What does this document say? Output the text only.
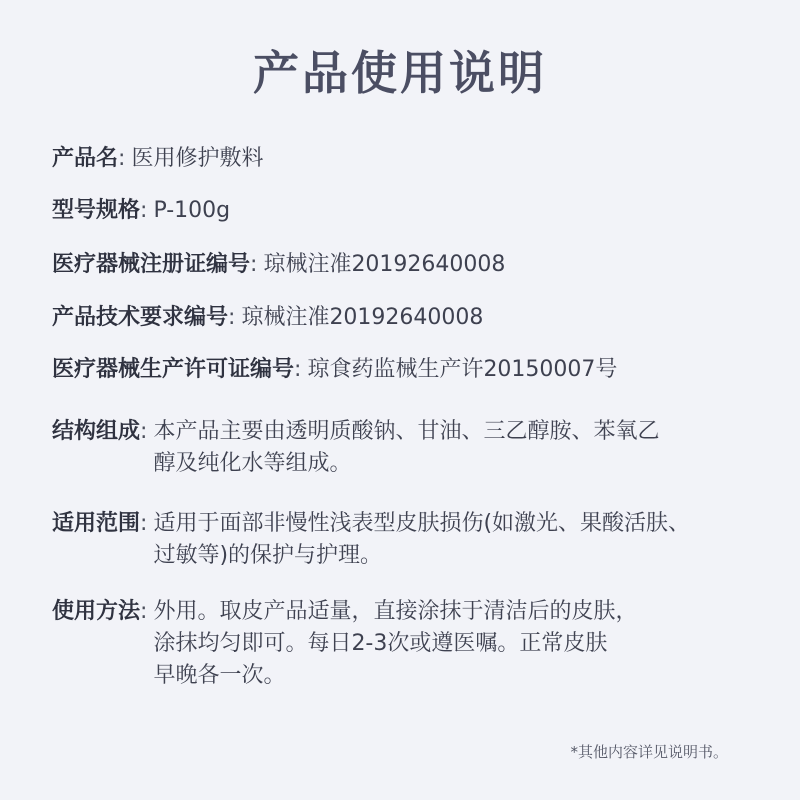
产品使用说明
产品名 : 医用修护敷料
型号规格 : P-100g
医疗器械注册证编号 : 琼械注准20192640008
产品技术要求编号 : 琼械注准20192640008
医疗器械生产许可证编号 : 琼食药监械生产许20150007号
结构组成 : 本产品主要由透明质酸钠、甘油、三乙醇胺、苯氧乙
醇及纯化水等组成。
适用范围 : 适用于面部非慢性浅表型皮肤损伤(如激光、果酸活肤、
过敏等)的保护与护理。
使用方法 : 外用。取皮产品适量，直接涂抹于清洁后的皮肤，
涂抹均匀即可。每日2-3次或遵医嘱。正常皮肤
早晚各一次。
*其他内容详见说明书。
